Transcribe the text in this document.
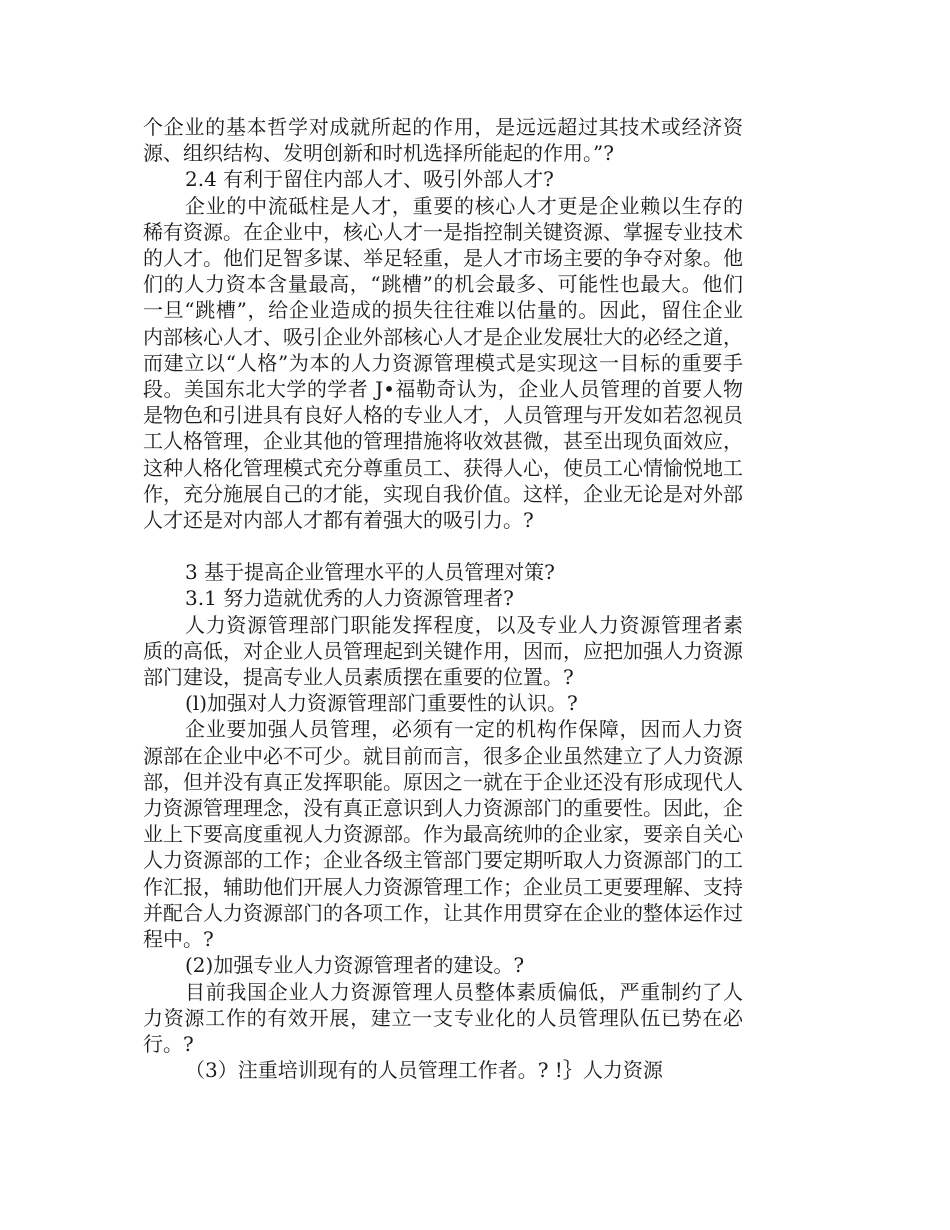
个企业的基本哲学对成就所起的作用，是远远超过其技术或经济资源、组织结构、发明创新和时机选择所能起的作用。”?

2.4 有利于留住内部人才、吸引外部人才?

企业的中流砥柱是人才，重要的核心人才更是企业赖以生存的稀有资源。在企业中，核心人才一是指控制关键资源、掌握专业技术的人才。他们足智多谋、举足轻重，是人才市场主要的争夺对象。他们的人力资本含量最高，“跳槽”的机会最多、可能性也最大。他们一旦“跳槽”，给企业造成的损失往往难以估量的。因此，留住企业内部核心人才、吸引企业外部核心人才是企业发展壮大的必经之道，而建立以“人格”为本的人力资源管理模式是实现这一目标的重要手段。美国东北大学的学者 J•福勒奇认为，企业人员管理的首要人物是物色和引进具有良好人格的专业人才，人员管理与开发如若忽视员工人格管理，企业其他的管理措施将收效甚微，甚至出现负面效应，这种人格化管理模式充分尊重员工、获得人心，使员工心情愉悦地工作，充分施展自己的才能，实现自我价值。这样，企业无论是对外部人才还是对内部人才都有着强大的吸引力。?

3 基于提高企业管理水平的人员管理对策?

3.1 努力造就优秀的人力资源管理者?

人力资源管理部门职能发挥程度，以及专业人力资源管理者素质的高低，对企业人员管理起到关键作用，因而，应把加强人力资源部门建设，提高专业人员素质摆在重要的位置。?

(l)加强对人力资源管理部门重要性的认识。?

企业要加强人员管理，必须有一定的机构作保障，因而人力资源部在企业中必不可少。就目前而言，很多企业虽然建立了人力资源部，但并没有真正发挥职能。原因之一就在于企业还没有形成现代人力资源管理理念，没有真正意识到人力资源部门的重要性。因此，企业上下要高度重视人力资源部。作为最高统帅的企业家，要亲自关心人力资源部的工作；企业各级主管部门要定期听取人力资源部门的工作汇报，辅助他们开展人力资源管理工作；企业员工更要理解、支持并配合人力资源部门的各项工作，让其作用贯穿在企业的整体运作过程中。?

(2)加强专业人力资源管理者的建设。?

目前我国企业人力资源管理人员整体素质偏低，严重制约了人力资源工作的有效开展，建立一支专业化的人员管理队伍已势在必行。?

（3）注重培训现有的人员管理工作者。? !｝人力资源
